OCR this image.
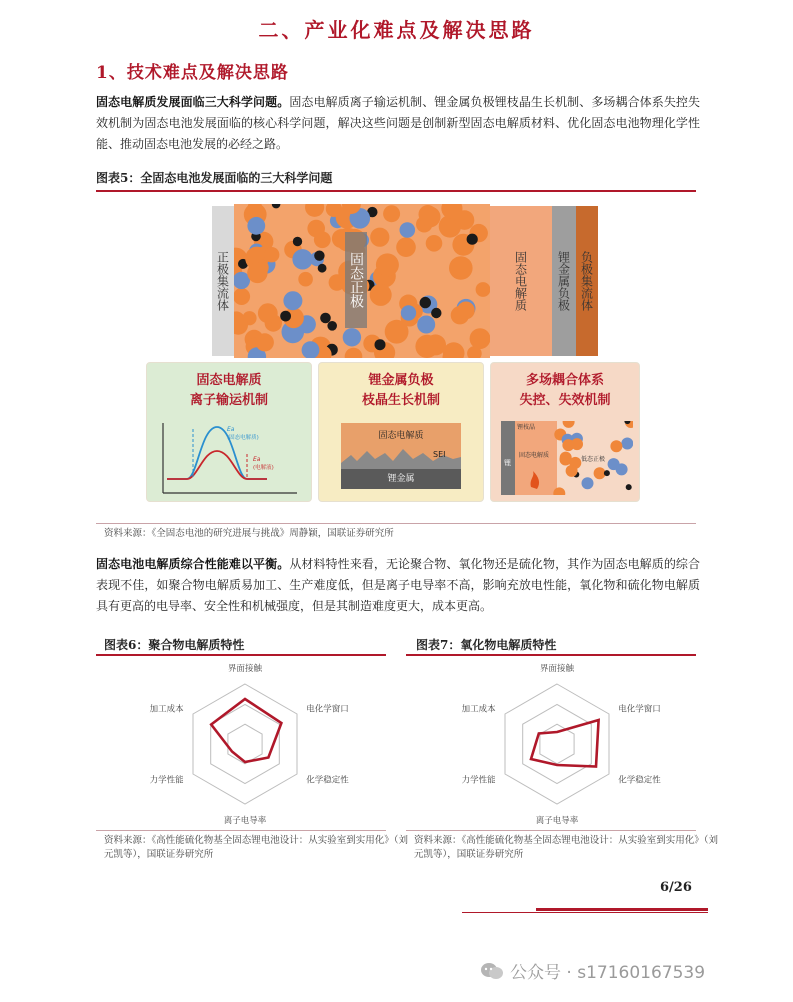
二、产业化难点及解决思路
1、技术难点及解决思路

固态电解质发展面临三大科学问题。固态电解质离子输运机制、锂金属负极锂枝晶生长机制、多场耦合体系失控失效机制为固态电池发展面临的核心科学问题，解决这些问题是创制新型固态电解质材料、优化固态电池物理化学性能、推动固态电池发展的必经之路。

图表5：全固态电池发展面临的三大科学问题
正极集流体	固态正极	固态电解质	锂金属负极 负极集流体
固态电解质
离子输运机制
Ea
(固态电解质)
Ea
(电解液)
锂金属负极
枝晶生长机制
固态电解质
SEI
锂金属
多场耦合体系
失控、失效机制
锂
锂枝晶
固态电解质
低态正极
资料来源：《全固态电池的研究进展与挑战》周静颖，国联证券研究所

固态电池电解质综合性能难以平衡。从材料特性来看，无论聚合物、氧化物还是硫化物，其作为固态电解质的综合表现不佳，如聚合物电解质易加工、生产难度低，但是离子电导率不高，影响充放电性能，氧化物和硫化物电解质具有更高的电导率、安全性和机械强度，但是其制造难度更大，成本更高。

图表6：聚合物电解质特性
界面接触
电化学窗口
化学稳定性
离子电导率
力学性能
加工成本
资料来源：《高性能硫化物基全固态锂电池设计：从实验室到实用化》（刘
元凯等），国联证券研究所
图表7：氧化物电解质特性
界面接触
电化学窗口
化学稳定性
离子电导率
力学性能
加工成本
资料来源：《高性能硫化物基全固态锂电池设计：从实验室到实用化》（刘
元凯等），国联证券研究所
6/26
公众号 · s17160167539
